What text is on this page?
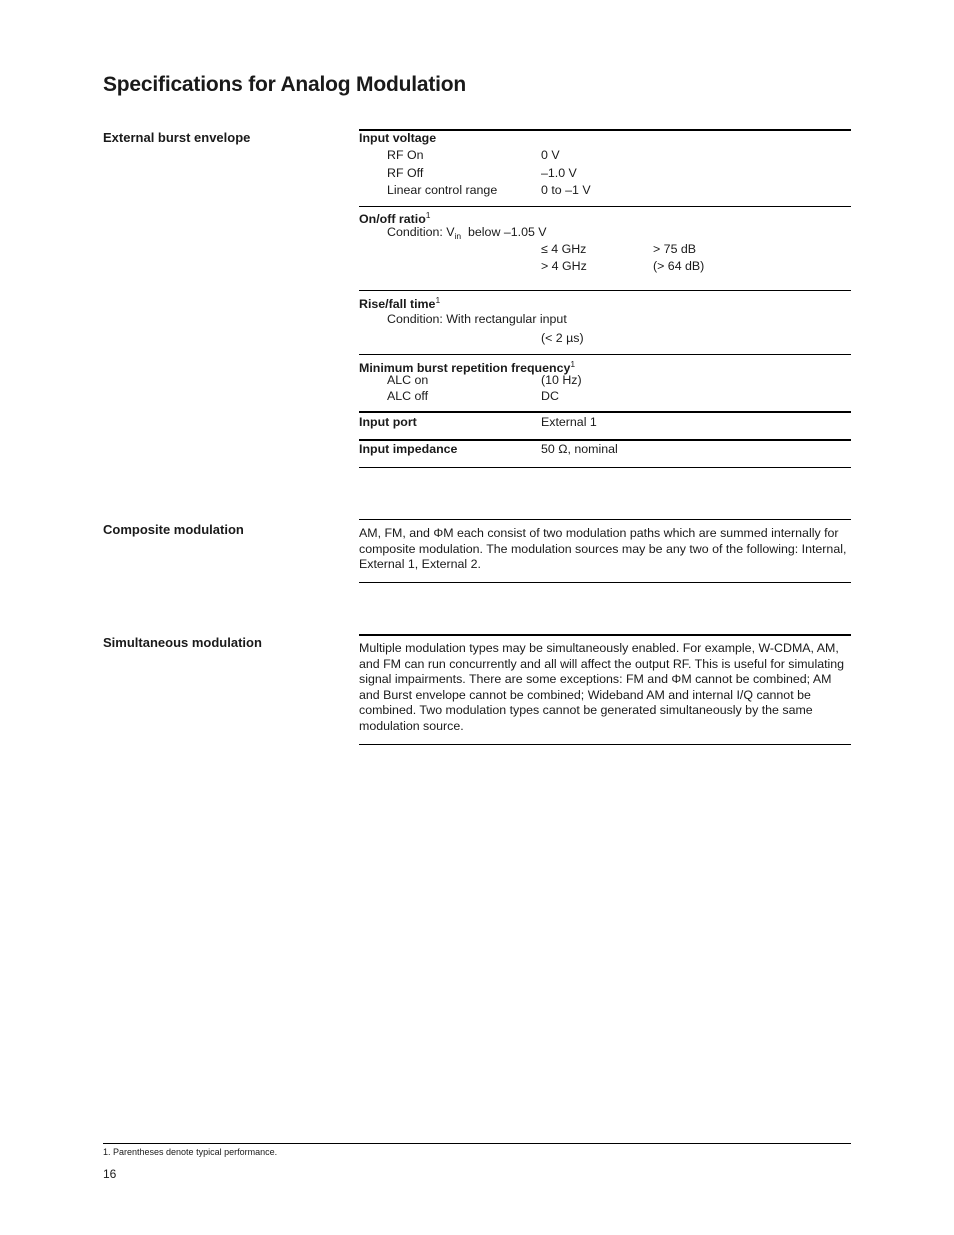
Specifications for Analog Modulation
External burst envelope	Input voltage
RF On	0 V
RF Off	–1.0 V
Linear control range	0 to –1 V
On/off ratio$^1$
Condition: $V_{in}$  below –1.05 V
≤ 4 GHz	> 75 dB
> 4 GHz	(> 64 dB)
Rise/fall time$^1$
Condition: With rectangular input
(< 2 µs)
Minimum burst repetition frequency$^1$
ALC on	(10 Hz)
ALC off	DC
Input port	External 1
Input impedance	50 Ω, nominal
Composite modulation	AM, FM, and ΦM each consist of two modulation paths which are summed internally for
composite modulation. The modulation sources may be any two of the following: Internal,
External 1, External 2.
Simultaneous modulation	Multiple modulation types may be simultaneously enabled. For example, W-CDMA, AM,
and FM can run concurrently and all will affect the output RF. This is useful for simulating
signal impairments. There are some exceptions: FM and ΦM cannot be combined; AM
and Burst envelope cannot be combined; Wideband AM and internal I/Q cannot be
combined. Two modulation types cannot be generated simultaneously by the same
modulation source.
1. Parentheses denote typical performance.
16
